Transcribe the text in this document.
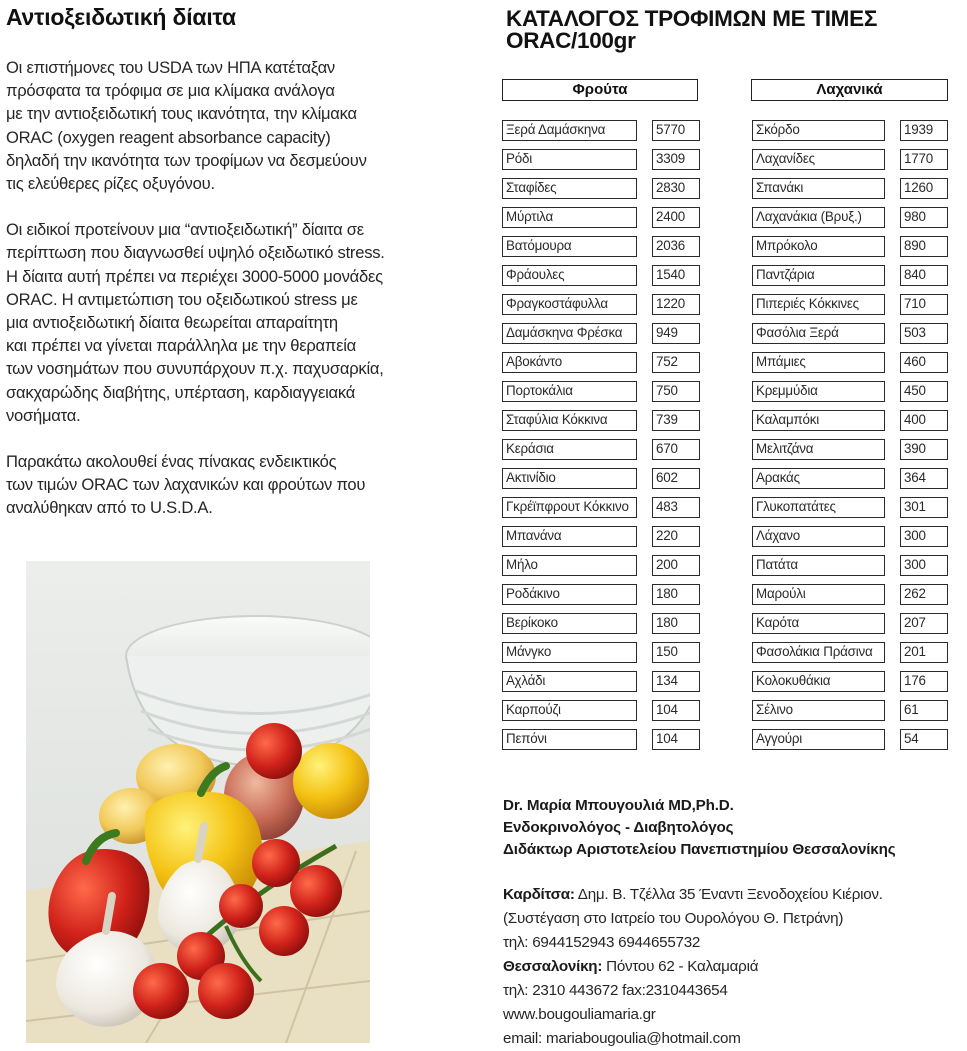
Αντιοξειδωτική δίαιτα

Οι επιστήμονες του USDA των ΗΠΑ κατέταξαν
πρόσφατα τα τρόφιμα σε μια κλίμακα ανάλογα
με την αντιοξειδωτική τους ικανότητα, την κλίμακα
ORAC (oxygen reagent absorbance capacity)
δηλαδή την ικανότητα των τροφίμων να δεσμεύουν
τις ελεύθερες ρίζες οξυγόνου.

Οι ειδικοί προτείνουν μια “αντιοξειδωτική” δίαιτα σε
περίπτωση που διαγνωσθεί υψηλό οξειδωτικό stress.
Η δίαιτα αυτή πρέπει να περιέχει 3000-5000 μονάδες
ORAC. Η αντιμετώπιση του οξειδωτικού stress με
μια αντιοξειδωτική δίαιτα θεωρείται απαραίτητη
και πρέπει να γίνεται παράλληλα με την θεραπεία
των νοσημάτων που συνυπάρχουν π.χ. παχυσαρκία,
σακχαρώδης διαβήτης, υπέρταση, καρδιαγγειακά
νοσήματα.

Παρακάτω ακολουθεί ένας πίνακας ενδεικτικός
των τιμών ORAC των λαχανικών και φρούτων που
αναλύθηκαν από το U.S.D.A.

ΚΑΤΑΛΟΓΟΣ ΤΡΟΦΙΜΩΝ ΜΕ ΤΙΜΕΣ
ORAC/100gr
Φρούτα	Λαχανικά
Ξερά Δαμάσκηνα	5770
Ρόδι	3309
Σταφίδες	2830
Μύρτιλα	2400
Βατόμουρα	2036
Φράουλες	1540
Φραγκοστάφυλλα	1220
Δαμάσκηνα Φρέσκα	949
Αβοκάντο	752
Πορτοκάλια	750
Σταφύλια Κόκκινα	739
Κεράσια	670
Ακτινίδιο	602
Γκρέϊπφρουτ Κόκκινο	483
Μπανάνα	220
Μήλο	200
Ροδάκινο	180
Βερίκοκο	180
Μάνγκο	150
Αχλάδι	134
Καρπούζι	104
Πεπόνι	104
Σκόρδο	1939
Λαχανίδες	1770
Σπανάκι	1260
Λαχανάκια (Βρυξ.)	980
Μπρόκολο	890
Παντζάρια	840
Πιπεριές Κόκκινες	710
Φασόλια Ξερά	503
Μπάμιες	460
Κρεμμύδια	450
Καλαμπόκι	400
Μελιτζάνα	390
Αρακάς	364
Γλυκοπατάτες	301
Λάχανο	300
Πατάτα	300
Μαρούλι	262
Καρότα	207
Φασολάκια Πράσινα	201
Κολοκυθάκια	176
Σέλινο	61
Αγγούρι	54
Dr. Μαρία Μπουγουλιά MD,Ph.D.
Ενδοκρινολόγος - Διαβητολόγος
Διδάκτωρ Αριστοτελείου Πανεπιστημίου Θεσσαλονίκης
Καρδίτσα: Δημ. Β. Τζέλλα 35 Έναντι Ξενοδοχείου Κιέριον.
(Συστέγαση στο Ιατρείο του Ουρολόγου Θ. Πετράνη)
τηλ: 6944152943 6944655732
Θεσσαλονίκη: Πόντου 62 - Καλαμαριά
τηλ: 2310 443672 fax:2310443654
www.bougouliamaria.gr
email: mariabougoulia@hotmail.com
